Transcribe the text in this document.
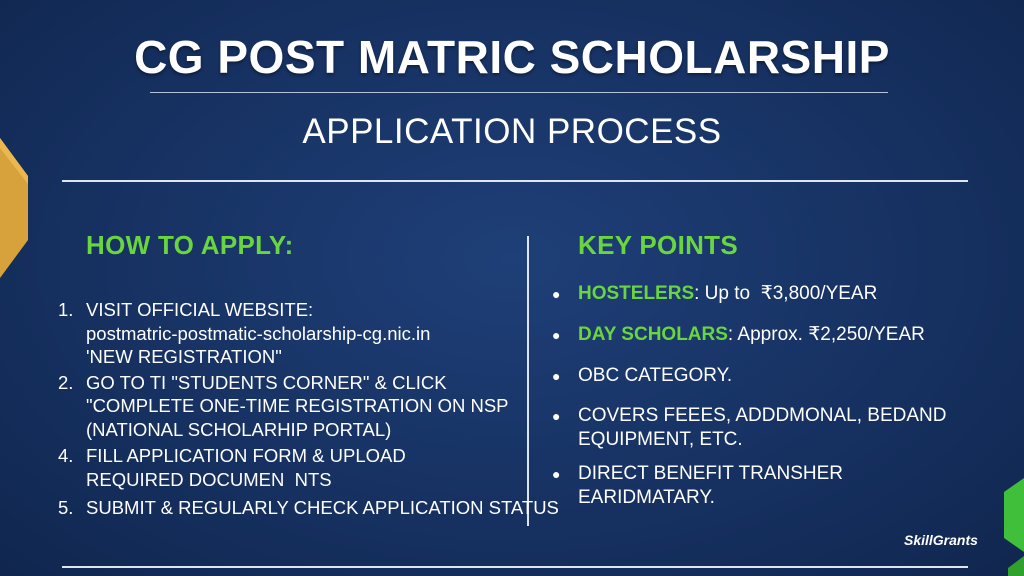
CG POST MATRIC SCHOLARSHIP
APPLICATION PROCESS
HOW TO APPLY:	KEY POINTS
1. VISIT OFFICIAL WEBSITE:
postmatric-postmatic-scholarship-cg.nic.in
'NEW REGISTRATION"
2. GO TO TI "STUDENTS CORNER" & CLICK
"COMPLETE ONE-TIME REGISTRATION ON NSP
(NATIONAL SCHOLARHIP PORTAL)
4. FILL APPLICATION FORM & UPLOAD
REQUIRED DOCUMEN  NTS
5. SUBMIT & REGULARLY CHECK APPLICATION STATUS
● HOSTELERS: Up to  ₹3,800/YEAR
● DAY SCHOLARS: Approx. ₹2,250/YEAR
● OBC CATEGORY.
● COVERS FEEES, ADDDMONAL, BEDAND
EQUIPMENT, ETC.
● DIRECT BENEFIT TRANSHER
EARIDMATARY.
SkillGrants
